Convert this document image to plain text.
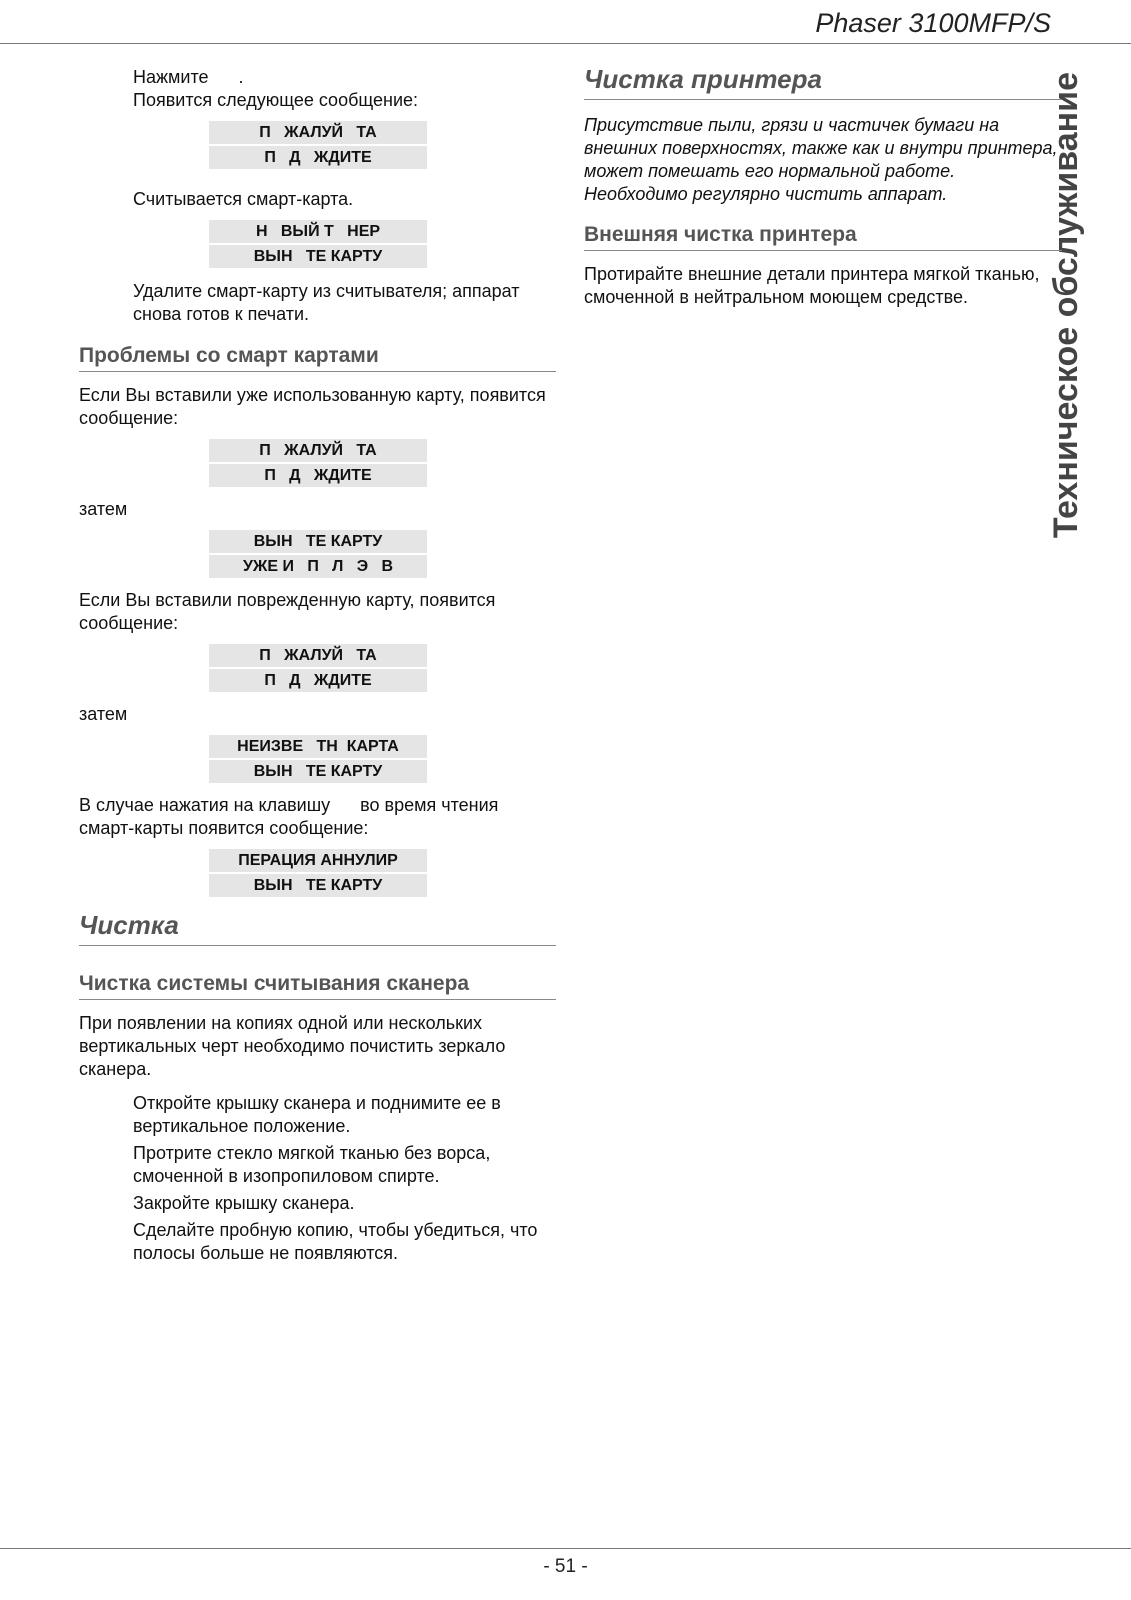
Phaser 3100MFP/S
Техническое обслуживание

Нажмите      .

Появится следующее сообщение:

П   ЖАЛУЙ   ТА
П   Д   ЖДИТЕ

Считывается смарт-карта.

Н   ВЫЙ Т   НЕР
ВЫН   ТЕ КАРТУ

Удалите смарт-карту из считывателя; аппарат снова готов к печати.

Проблемы со смарт картами

Если Вы вставили уже использованную карту, появится сообщение:

П   ЖАЛУЙ   ТА
П   Д   ЖДИТЕ

затем

ВЫН   ТЕ КАРТУ
УЖЕ И   П   Л   Э   В

Если Вы вставили поврежденную карту, появится сообщение:

П   ЖАЛУЙ   ТА
П   Д   ЖДИТЕ

затем

НЕИЗВЕ   ТН  КАРТА
ВЫН   ТЕ КАРТУ

В случае нажатия на клавишу      во время чтения смарт-карты появится сообщение:

ПЕРАЦИЯ АННУЛИР
ВЫН   ТЕ КАРТУ
Чистка
Чистка системы считывания сканера

При появлении на копиях одной или нескольких вертикальных черт необходимо почистить зеркало сканера.

Откройте крышку сканера и поднимите ее в вертикальное положение.
Протрите стекло мягкой тканью без ворса, смоченной в изопропиловом спирте.
Закройте крышку сканера.
Сделайте пробную копию, чтобы убедиться, что полосы больше не появляются.
Чистка принтера

Присутствие пыли, грязи и частичек бумаги на внешних поверхностях, также как и внутри принтера, может помешать его нормальной работе. Необходимо регулярно чистить аппарат.

Внешняя чистка принтера

Протирайте внешние детали принтера мягкой тканью, смоченной в нейтральном моющем средстве.

- 51 -
